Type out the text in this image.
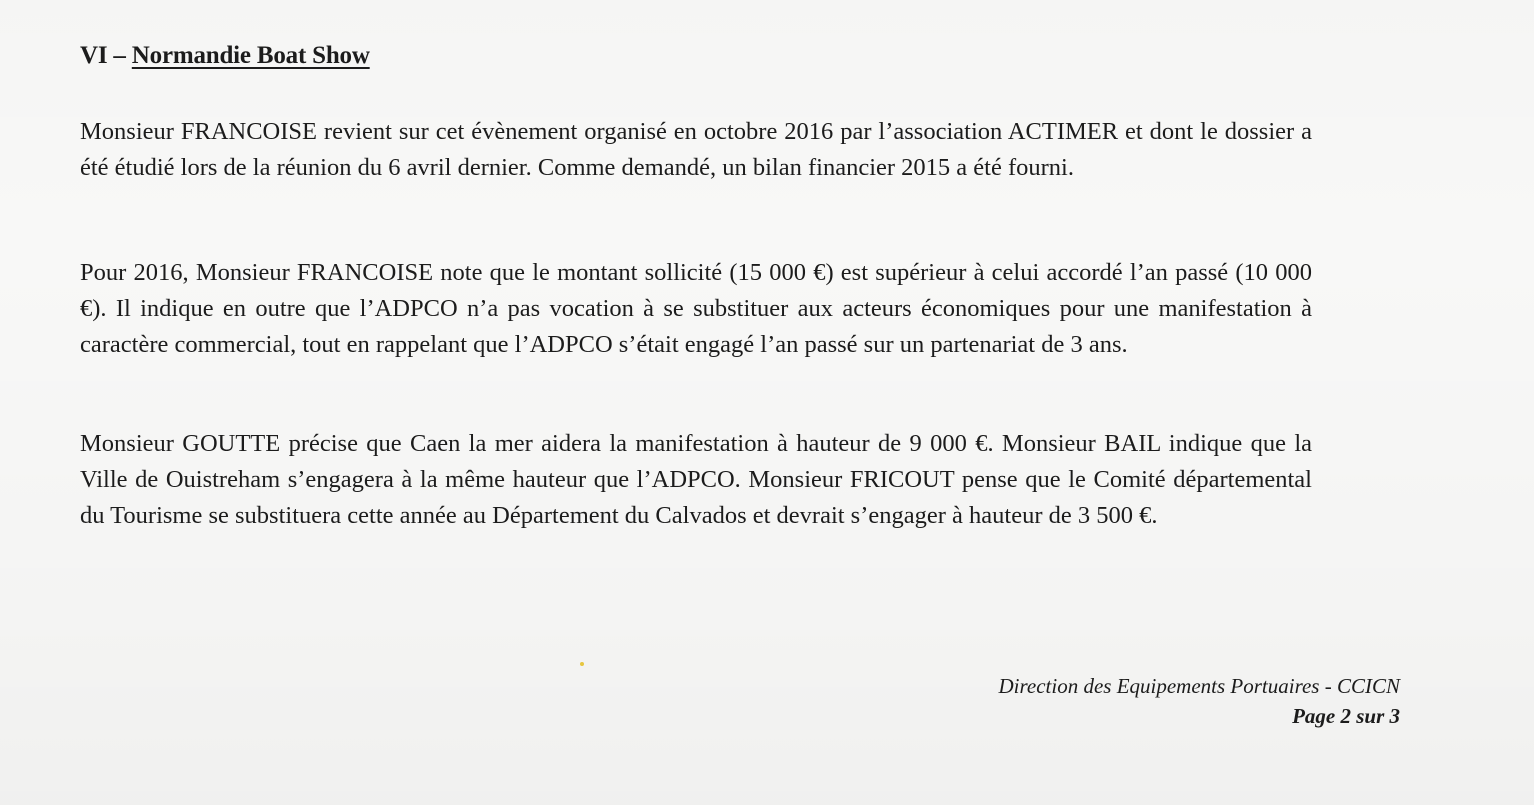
VI – Normandie Boat Show

Monsieur FRANCOISE revient sur cet évènement organisé en octobre 2016 par l’association ACTIMER et dont le dossier a été étudié lors de la réunion du 6 avril dernier. Comme demandé, un bilan financier 2015 a été fourni.

Pour 2016, Monsieur FRANCOISE note que le montant sollicité (15 000 €) est supérieur à celui accordé l’an passé (10 000 €). Il indique en outre que l’ADPCO n’a pas vocation à se substituer aux acteurs économiques pour une manifestation à caractère commercial, tout en rappelant que l’ADPCO s’était engagé l’an passé sur un partenariat de 3 ans.

Monsieur GOUTTE précise que Caen la mer aidera la manifestation à hauteur de 9 000 €. Monsieur BAIL indique que la Ville de Ouistreham s’engagera à la même hauteur que l’ADPCO. Monsieur FRICOUT pense que le Comité départemental du Tourisme se substituera cette année au Département du Calvados et devrait s’engager à hauteur de 3 500 €.

Direction des Equipements Portuaires - CCICN
Page 2 sur 3
